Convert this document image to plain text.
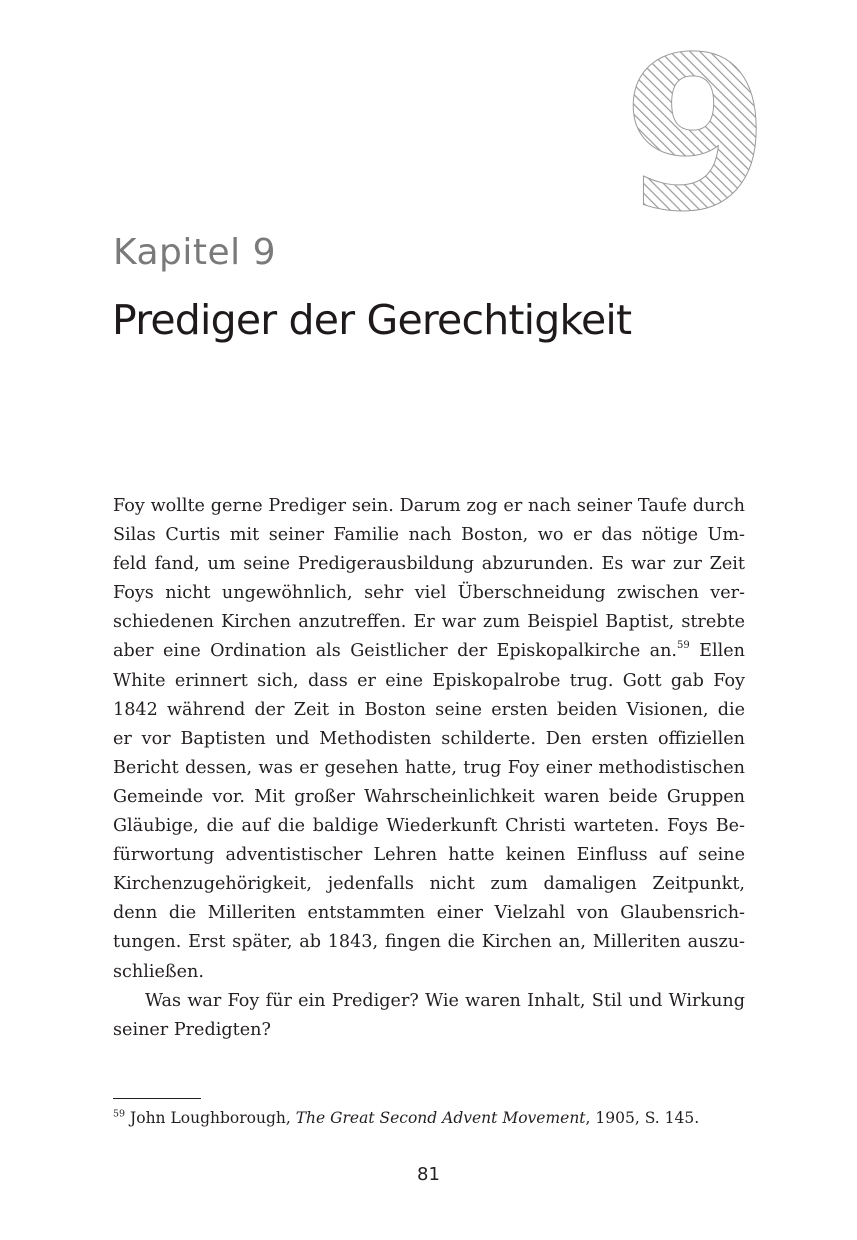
9
Kapitel 9
Prediger der Gerechtigkeit
Foy wollte gerne Prediger sein. Darum zog er nach seiner Taufe durch
Silas Curtis mit seiner Familie nach Boston, wo er das nötige Um-
feld fand, um seine Predigerausbildung abzurunden. Es war zur Zeit
Foys nicht ungewöhnlich, sehr viel Überschneidung zwischen ver-
schiedenen Kirchen anzutreffen. Er war zum Beispiel Baptist, strebte
aber eine Ordination als Geistlicher der Episkopalkirche an.$^{59}$ Ellen
White erinnert sich, dass er eine Episkopalrobe trug. Gott gab Foy
1842 während der Zeit in Boston seine ersten beiden Visionen, die
er vor Baptisten und Methodisten schilderte. Den ersten offiziellen
Bericht dessen, was er gesehen hatte, trug Foy einer methodistischen
Gemeinde vor. Mit großer Wahrscheinlichkeit waren beide Gruppen
Gläubige, die auf die baldige Wiederkunft Christi warteten. Foys Be-
fürwortung adventistischer Lehren hatte keinen Einfluss auf seine
Kirchenzugehörigkeit, jedenfalls nicht zum damaligen Zeitpunkt,
denn die Milleriten entstammten einer Vielzahl von Glaubensrich-
tungen. Erst später, ab 1843, fingen die Kirchen an, Milleriten auszu-
schließen.
Was war Foy für ein Prediger? Wie waren Inhalt, Stil und Wirkung
seiner Predigten?
$^{59}$ John Loughborough, The Great Second Advent Movement, 1905, S. 145.
81
